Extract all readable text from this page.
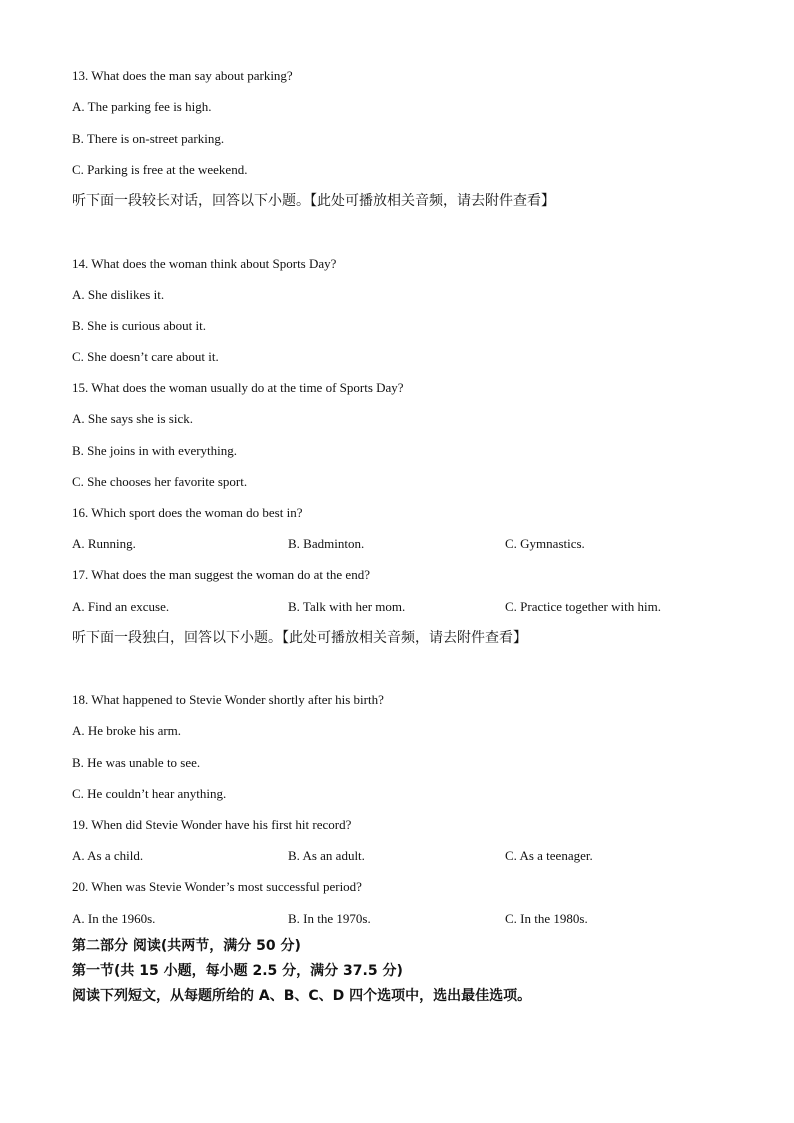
13. What does the man say about parking?
A. The parking fee is high.
B. There is on-street parking.
C. Parking is free at the weekend.
听下面一段较长对话，回答以下小题。【此处可播放相关音频，请去附件查看】
14. What does the woman think about Sports Day?
A. She dislikes it.
B. She is curious about it.
C. She doesn’t care about it.
15. What does the woman usually do at the time of Sports Day?
A. She says she is sick.
B. She joins in with everything.
C. She chooses her favorite sport.
16. Which sport does the woman do best in?
A. Running.	B. Badminton.	C. Gymnastics.
17. What does the man suggest the woman do at the end?
A. Find an excuse.	B. Talk with her mom.	C. Practice together with him.
听下面一段独白，回答以下小题。【此处可播放相关音频，请去附件查看】
18. What happened to Stevie Wonder shortly after his birth?
A. He broke his arm.
B. He was unable to see.
C. He couldn’t hear anything.
19. When did Stevie Wonder have his first hit record?
A. As a child.	B. As an adult.	C. As a teenager.
20. When was Stevie Wonder’s most successful period?
A. In the 1960s.	B. In the 1970s.	C. In the 1980s.
第二部分 阅读(共两节，满分 50 分)
第一节(共 15 小题，每小题 2.5 分，满分 37.5 分)
阅读下列短文，从每题所给的 A、B、C、D 四个选项中，选出最佳选项。
